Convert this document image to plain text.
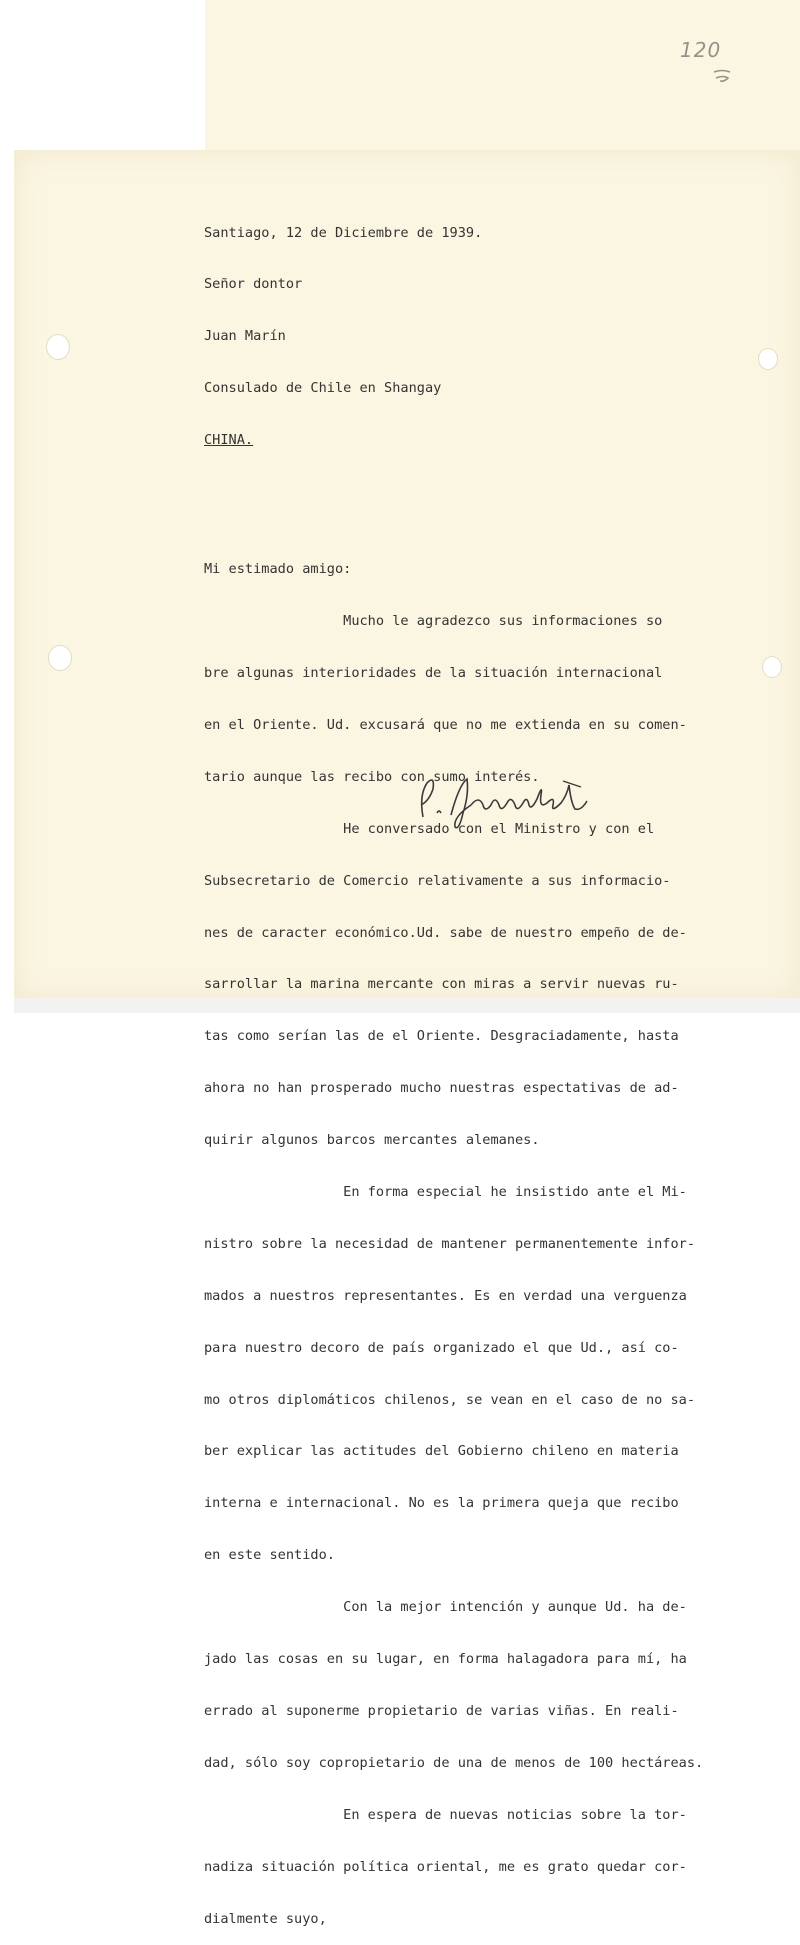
120

Santiago, 12 de Diciembre de 1939.

Señor dontor

Juan Marín

Consulado de Chile en Shangay

CHINA.

Mi estimado amigo:

Mucho le agradezco sus informaciones so

bre algunas interioridades de la situación internacional

en el Oriente. Ud. excusará que no me extienda en su comen-

tario aunque las recibo con sumo interés.

He conversado con el Ministro y con el

Subsecretario de Comercio relativamente a sus informacio-

nes de caracter económico.Ud. sabe de nuestro empeño de de-

sarrollar la marina mercante con miras a servir nuevas ru-

tas como serían las de el Oriente. Desgraciadamente, hasta

ahora no han prosperado mucho nuestras espectativas de ad-

quirir algunos barcos mercantes alemanes.

En forma especial he insistido ante el Mi-

nistro sobre la necesidad de mantener permanentemente infor-

mados a nuestros representantes. Es en verdad una verguenza

para nuestro decoro de país organizado el que Ud., así co-

mo otros diplomáticos chilenos, se vean en el caso de no sa-

ber explicar las actitudes del Gobierno chileno en materia

interna e internacional. No es la primera queja que recibo

en este sentido.

Con la mejor intención y aunque Ud. ha de-

jado las cosas en su lugar, en forma halagadora para mí, ha

errado al suponerme propietario de varias viñas. En reali-

dad, sólo soy copropietario de una de menos de 100 hectáreas.

En espera de nuevas noticias sobre la tor-

nadiza situación política oriental, me es grato quedar cor-

dialmente suyo,
